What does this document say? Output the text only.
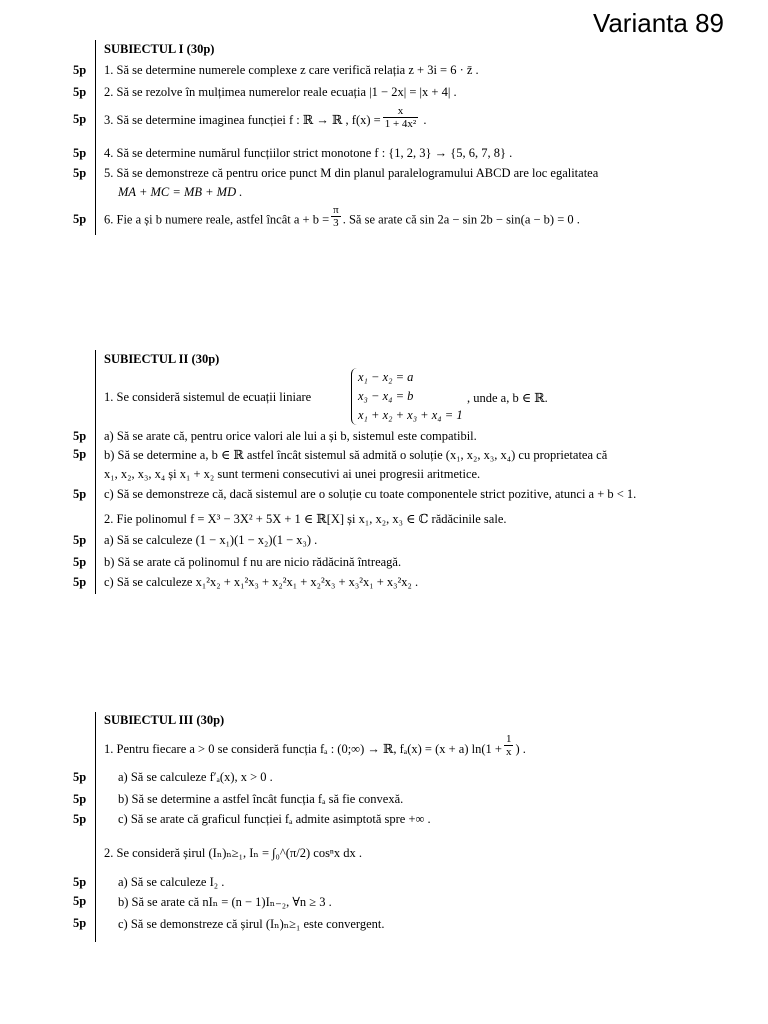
Varianta 89
SUBIECTUL I (30p)
5p 1. Să se determine numerele complexe z care verifică relația z + 3i = 6 · z̄ .
5p 2. Să se rezolve în mulțimea numerelor reale ecuația |1 − 2x| = |x + 4| .
5p 3. Să se determine imaginea funcției f : ℝ → ℝ , $f(x) = \frac{x}{\text{1 + 4x²}}$ .
5p 4. Să se determine numărul funcțiilor strict monotone f : {1, 2, 3} → {5, 6, 7, 8} .
5p 5. Să se demonstreze că pentru orice punct M din planul paralelogramului ABCD are loc egalitatea
MA + MC = MB + MD .
5p 6. Fie a și b numere reale, astfel încât $a + b = \frac{\pi}{3}$ . Să se arate că sin 2a − sin 2b − sin(a − b) = 0 .
SUBIECTUL II (30p)
1. Se consideră sistemul de ecuații liniare
x₁ − x₂ = a
x₃ − x₄ = b
x₁ + x₂ + x₃ + x₄ = 1
, unde a, b ∈ ℝ.
5p a) Să se arate că, pentru orice valori ale lui a și b, sistemul este compatibil.
5p b) Să se determine a, b ∈ ℝ astfel încât sistemul să admită o soluție (x₁, x₂, x₃, x₄) cu proprietatea că
x₁, x₂, x₃, x₄ și x₁ + x₂ sunt termeni consecutivi ai unei progresii aritmetice.
5p c) Să se demonstreze că, dacă sistemul are o soluție cu toate componentele strict pozitive, atunci a + b < 1.
2. Fie polinomul f = X³ − 3X² + 5X + 1 ∈ ℝ[X] și x₁, x₂, x₃ ∈ ℂ rădăcinile sale.
5p a) Să se calculeze (1 − x₁)(1 − x₂)(1 − x₃) .
5p b) Să se arate că polinomul f nu are nicio rădăcină întreagă.
5p c) Să se calculeze x₁²x₂ + x₁²x₃ + x₂²x₁ + x₂²x₃ + x₃²x₁ + x₃²x₂ .
SUBIECTUL III (30p)
1. Pentru fiecare a > 0 se consideră funcția fₐ : (0;∞) → ℝ, fₐ(x) = (x + a) $\ln(1 + \frac{1}{x}$ ) .
5p	a) Să se calculeze f′ₐ(x), x > 0 .
5p	b) Să se determine a astfel încât funcția fₐ să fie convexă.
5p	c) Să se arate că graficul funcției fₐ admite asimptotă spre +∞ .
2. Se consideră șirul (Iₙ)ₙ≥₁, Iₙ = ∫₀^(π/2) cosⁿx dx .
5p	a) Să se calculeze I₂ .
5p	b) Să se arate că nIₙ = (n − 1)Iₙ₋₂, ∀n ≥ 3 .
5p	c) Să se demonstreze că șirul (Iₙ)ₙ≥₁ este convergent.
